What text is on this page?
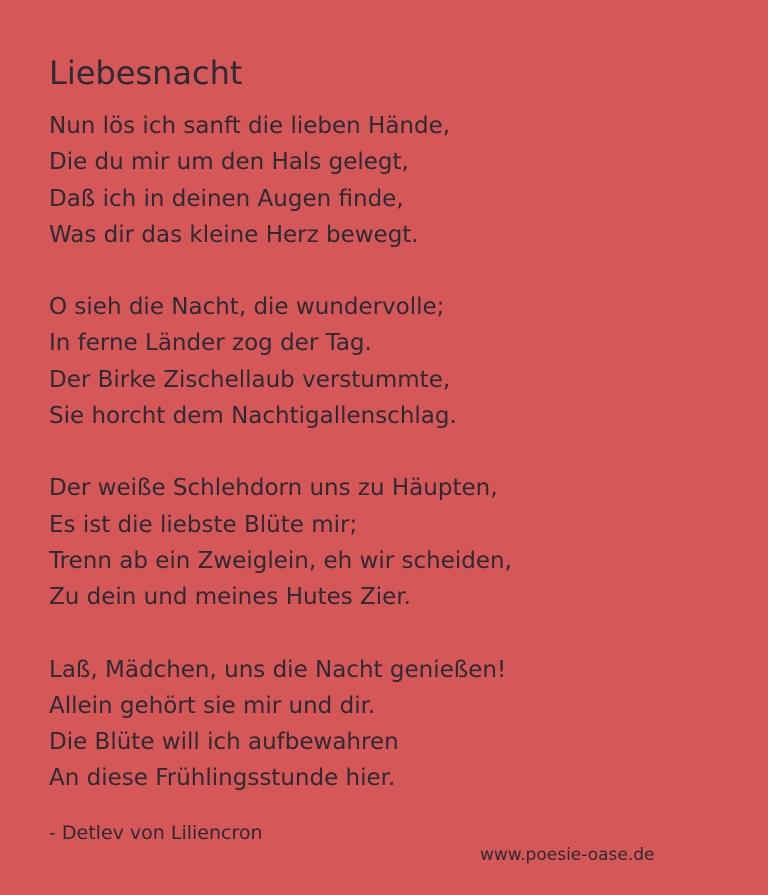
Liebesnacht
Nun lös ich sanft die lieben Hände,
Die du mir um den Hals gelegt,
Daß ich in deinen Augen finde,
Was dir das kleine Herz bewegt.
O sieh die Nacht, die wundervolle;
In ferne Länder zog der Tag.
Der Birke Zischellaub verstummte,
Sie horcht dem Nachtigallenschlag.
Der weiße Schlehdorn uns zu Häupten,
Es ist die liebste Blüte mir;
Trenn ab ein Zweiglein, eh wir scheiden,
Zu dein und meines Hutes Zier.
Laß, Mädchen, uns die Nacht genießen!
Allein gehört sie mir und dir.
Die Blüte will ich aufbewahren
An diese Frühlingsstunde hier.
- Detlev von Liliencron
www.poesie-oase.de
